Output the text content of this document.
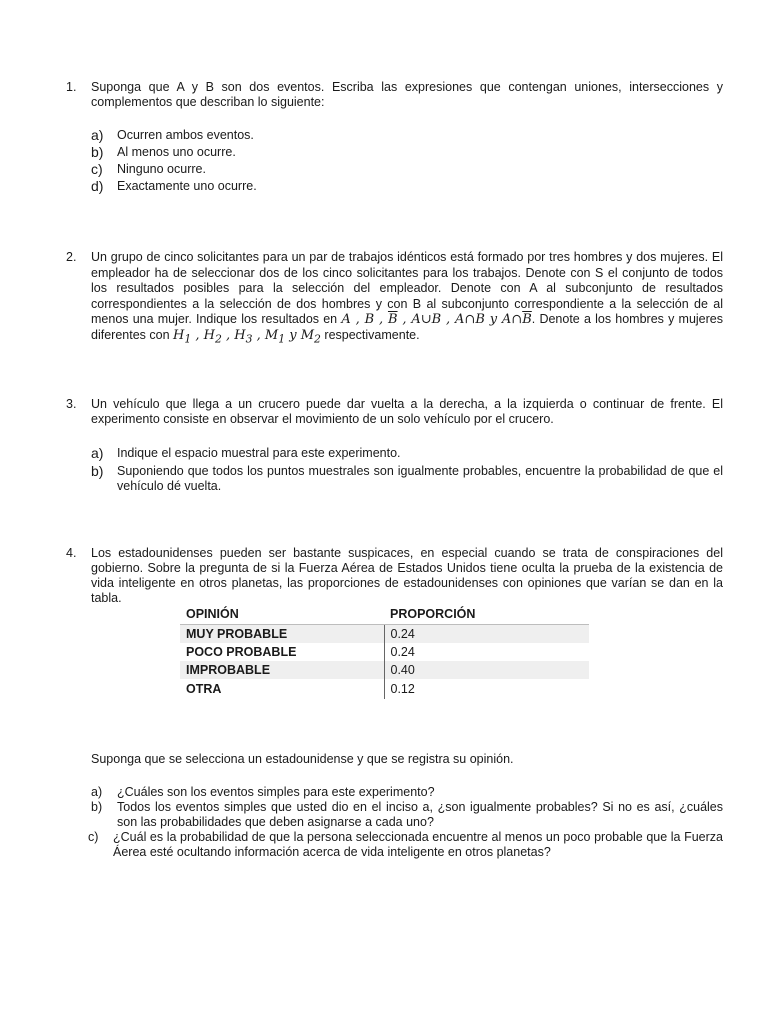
1. Suponga que A y B son dos eventos. Escriba las expresiones que contengan uniones, intersecciones y complementos que describan lo siguiente:
a) Ocurren ambos eventos.
b) Al menos uno ocurre.
c) Ninguno ocurre.
d) Exactamente uno ocurre.
2. Un grupo de cinco solicitantes para un par de trabajos idénticos está formado por tres hombres y dos mujeres. El empleador ha de seleccionar dos de los cinco solicitantes para los trabajos. Denote con S el conjunto de todos los resultados posibles para la selección del empleador. Denote con A al subconjunto de resultados correspondientes a la selección de dos hombres y con B al subconjunto correspondiente a la selección de al menos una mujer. Indique los resultados en A , B , $\overline{B}$ , A∪B , A∩B y $A\cap\overline{B}$. Denote a los hombres y mujeres diferentes con $H_1$ , $H_2$ , $H_3$ , $M_1$ y $M_2$ respectivamente.
3. Un vehículo que llega a un crucero puede dar vuelta a la derecha, a la izquierda o continuar de frente. El experimento consiste en observar el movimiento de un solo vehículo por el crucero.
a) Indique el espacio muestral para este experimento.
b) Suponiendo que todos los puntos muestrales son igualmente probables, encuentre la probabilidad de que el vehículo dé vuelta.
4. Los estadounidenses pueden ser bastante suspicaces, en especial cuando se trata de conspiraciones del gobierno. Sobre la pregunta de si la Fuerza Aérea de Estados Unidos tiene oculta la prueba de la existencia de vida inteligente en otros planetas, las proporciones de estadounidenses con opiniones que varían se dan en la tabla.
OPINIÓN	PROPORCIÓN
MUY PROBABLE	0.24
POCO PROBABLE	0.24
IMPROBABLE	0.40
OTRA	0.12
Suponga que se selecciona un estadounidense y que se registra su opinión.
a) ¿Cuáles son los eventos simples para este experimento?
b) Todos los eventos simples que usted dio en el inciso a, ¿son igualmente probables? Si no es así, ¿cuáles son las probabilidades que deben asignarse a cada uno?
c) ¿Cuál es la probabilidad de que la persona seleccionada encuentre al menos un poco probable que la Fuerza Áerea esté ocultando información acerca de vida inteligente en otros planetas?
